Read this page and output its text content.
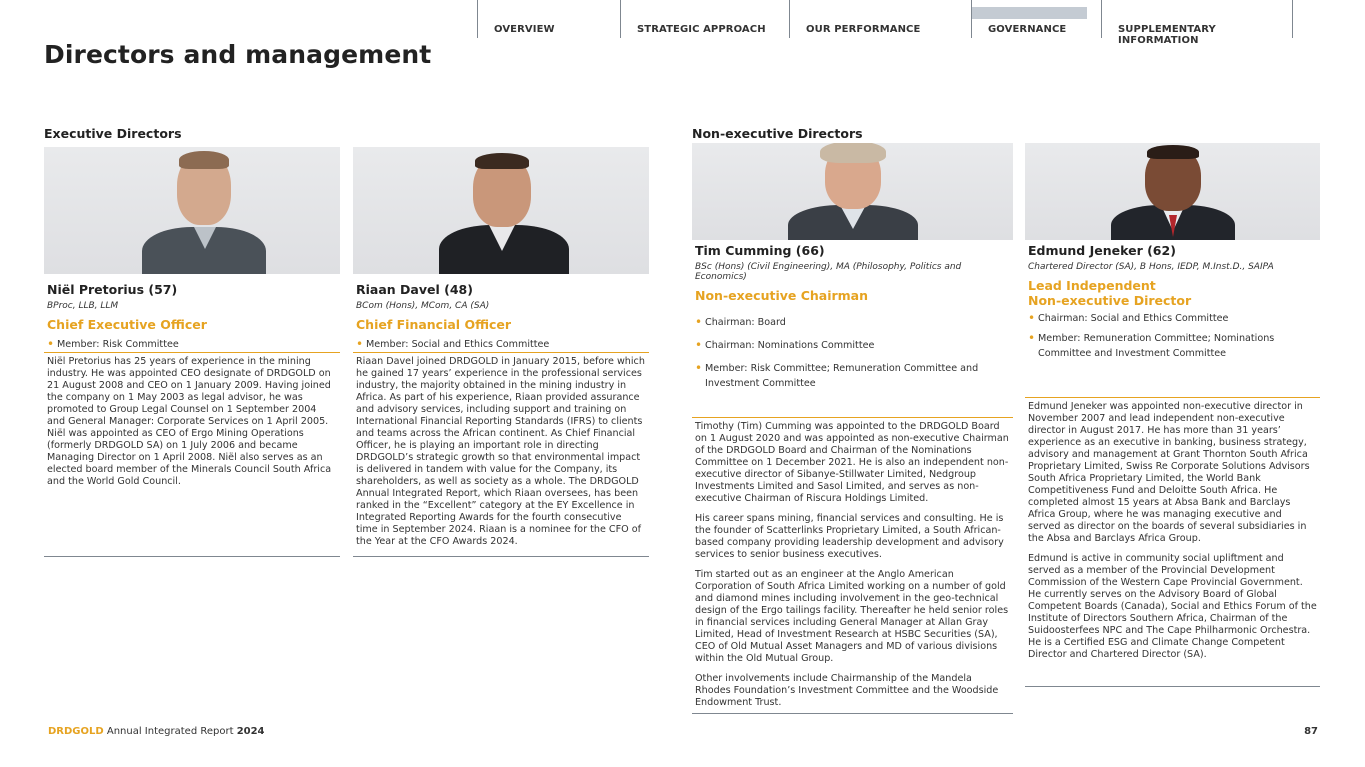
OVERVIEW	STRATEGIC APPROACH	OUR PERFORMANCE	GOVERNANCE	SUPPLEMENTARY INFORMATION
Directors and management
Executive Directors	Non-executive Directors
Niël Pretorius (57)
BProc, LLB, LLM
Chief Executive Officer
• Member: Risk Committee

Niël Pretorius has 25 years of experience in the mining industry. He was appointed CEO designate of DRDGOLD on 21 August 2008 and CEO on 1 January 2009. Having joined the company on 1 May 2003 as legal advisor, he was promoted to Group Legal Counsel on 1 September 2004 and General Manager: Corporate Services on 1 April 2005. Niël was appointed as CEO of Ergo Mining Operations (formerly DRDGOLD SA) on 1 July 2006 and became Managing Director on 1 April 2008. Niël also serves as an elected board member of the Minerals Council South Africa and the World Gold Council.

Riaan Davel (48)
BCom (Hons), MCom, CA (SA)
Chief Financial Officer
• Member: Social and Ethics Committee

Riaan Davel joined DRDGOLD in January 2015, before which he gained 17 years’ experience in the professional services industry, the majority obtained in the mining industry in Africa. As part of his experience, Riaan provided assurance and advisory services, including support and training on International Financial Reporting Standards (IFRS) to clients and teams across the African continent. As Chief Financial Officer, he is playing an important role in directing DRDGOLD’s strategic growth so that environmental impact is delivered in tandem with value for the Company, its shareholders, as well as society as a whole. The DRDGOLD Annual Integrated Report, which Riaan oversees, has been ranked in the “Excellent” category at the EY Excellence in Integrated Reporting Awards for the fourth consecutive time in September 2024. Riaan is a nominee for the CFO of the Year at the CFO Awards 2024.

Tim Cumming (66)
BSc (Hons) (Civil Engineering), MA (Philosophy, Politics and Economics)
Non-executive Chairman
• Chairman: Board
• Chairman: Nominations Committee
• Member: Risk Committee; Remuneration Committee and Investment Committee

Timothy (Tim) Cumming was appointed to the DRDGOLD Board on 1 August 2020 and was appointed as non-executive Chairman of the DRDGOLD Board and Chairman of the Nominations Committee on 1 December 2021. He is also an independent non-executive director of Sibanye-Stillwater Limited, Nedgroup Investments Limited and Sasol Limited, and serves as non-executive Chairman of Riscura Holdings Limited.

His career spans mining, financial services and consulting. He is the founder of Scatterlinks Proprietary Limited, a South African-based company providing leadership development and advisory services to senior business executives.

Tim started out as an engineer at the Anglo American Corporation of South Africa Limited working on a number of gold and diamond mines including involvement in the geo-technical design of the Ergo tailings facility. Thereafter he held senior roles in financial services including General Manager at Allan Gray Limited, Head of Investment Research at HSBC Securities (SA), CEO of Old Mutual Asset Managers and MD of various divisions within the Old Mutual Group.

Other involvements include Chairmanship of the Mandela Rhodes Foundation’s Investment Committee and the Woodside Endowment Trust.

Edmund Jeneker (62)
Chartered Director (SA), B Hons, IEDP, M.Inst.D., SAIPA
Lead Independent
Non-executive Director
• Chairman: Social and Ethics Committee
• Member: Remuneration Committee; Nominations Committee and Investment Committee

Edmund Jeneker was appointed non-executive director in November 2007 and lead independent non-executive director in August 2017. He has more than 31 years’ experience as an executive in banking, business strategy, advisory and management at Grant Thornton South Africa Proprietary Limited, Swiss Re Corporate Solutions Advisors South Africa Proprietary Limited, the World Bank Competitiveness Fund and Deloitte South Africa. He completed almost 15 years at Absa Bank and Barclays Africa Group, where he was managing executive and served as director on the boards of several subsidiaries in the Absa and Barclays Africa Group.

Edmund is active in community social upliftment and served as a member of the Provincial Development Commission of the Western Cape Provincial Government. He currently serves on the Advisory Board of Global Competent Boards (Canada), Social and Ethics Forum of the Institute of Directors Southern Africa, Chairman of the Suidoosterfees NPC and The Cape Philharmonic Orchestra. He is a Certified ESG and Climate Change Competent Director and Chartered Director (SA).

DRDGOLD Annual Integrated Report 2024	87
